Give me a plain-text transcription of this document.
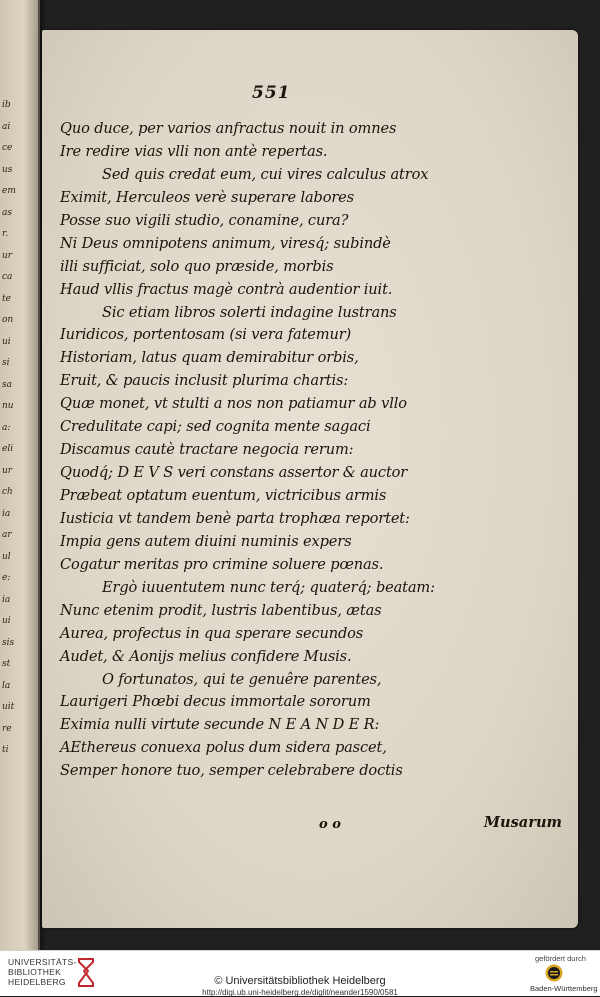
ib
ai
ce
us
em
as
r.
ur
ca
te
on
ui
si
sa
nu
a:
eli
ur
ch
ia
ar
ul
e:
ia
ui
sis
st
la
uit
re
ti
551
Quo duce, per varios anfractus nouit in omnes
Ire redire vias vlli non antè repertas.
Sed quis credat eum, cui vires calculus atrox
Eximit, Herculeos verè superare labores
Posse suo vigili studio, conamine, cura?
Ni Deus omnipotens animum, viresq́; subindè
illi sufficiat, solo quo præside, morbis
Haud vllis fractus magè contrà audentior iuit.
Sic etiam libros solerti indagine lustrans
Iuridicos, portentosam (si vera fatemur)
Historiam, latus quam demirabitur orbis,
Eruit, & paucis inclusit plurima chartis:
Quæ monet, vt stulti a nos non patiamur ab vllo
Credulitate capi; sed cognita mente sagaci
Discamus cautè tractare negocia rerum:
Quodq́; D E V S veri constans assertor & auctor
Præbeat optatum euentum, victricibus armis
Iusticia vt tandem benè parta trophæa reportet:
Impia gens autem diuini numinis expers
Cogatur meritas pro crimine soluere pœnas.
Ergò iuuentutem nunc terq́; quaterq́; beatam:
Nunc etenim prodit, lustris labentibus, ætas
Aurea, profectus in qua sperare secundos
Audet, & Aonijs melius confidere Musis.
O fortunatos, qui te genuêre parentes,
Laurigeri Phœbi decus immortale sororum
Eximia nulli virtute secunde N E A N D E R:
AEthereus conuexa polus dum sidera pascet,
Semper honore tuo, semper celebrabere doctis
o o	Musarum
UNIVERSITÄTS-
BIBLIOTHEK
HEIDELBERG	© Universitätsbibliothek Heidelberg
http://digi.ub.uni-heidelberg.de/diglit/neander1590/0581
gefördert durch
Baden-Württemberg
